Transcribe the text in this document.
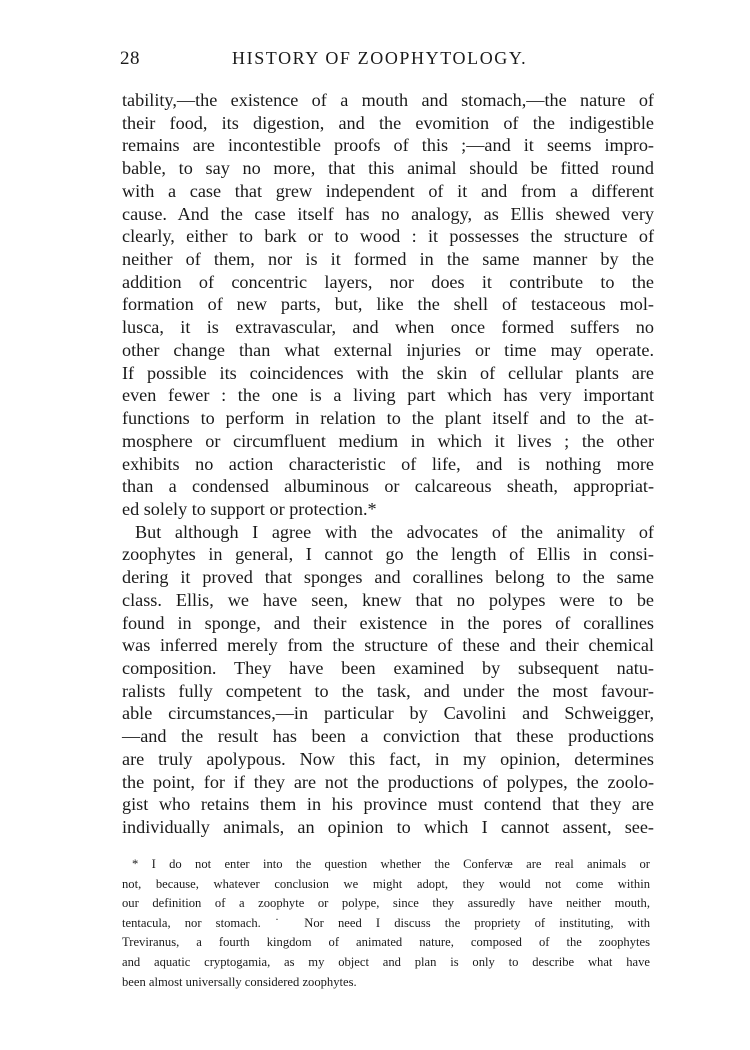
28	HISTORY OF ZOOPHYTOLOGY.
tability,—the existence of a mouth and stomach,—the nature of
their food, its digestion, and the evomition of the indigestible
remains are incontestible proofs of this ;—and it seems impro-
bable, to say no more, that this animal should be fitted round
with a case that grew independent of it and from a different
cause. And the case itself has no analogy, as Ellis shewed very
clearly, either to bark or to wood : it possesses the structure of
neither of them, nor is it formed in the same manner by the
addition of concentric layers, nor does it contribute to the
formation of new parts, but, like the shell of testaceous mol-
lusca, it is extravascular, and when once formed suffers no
other change than what external injuries or time may operate.
If possible its coincidences with the skin of cellular plants are
even fewer : the one is a living part which has very important
functions to perform in relation to the plant itself and to the at-
mosphere or circumfluent medium in which it lives ; the other
exhibits no action characteristic of life, and is nothing more
than a condensed albuminous or calcareous sheath, appropriat-
ed solely to support or protection.*
But although I agree with the advocates of the animality of
zoophytes in general, I cannot go the length of Ellis in consi-
dering it proved that sponges and corallines belong to the same
class. Ellis, we have seen, knew that no polypes were to be
found in sponge, and their existence in the pores of corallines
was inferred merely from the structure of these and their chemical
composition. They have been examined by subsequent natu-
ralists fully competent to the task, and under the most favour-
able circumstances,—in particular by Cavolini and Schweigger,
—and the result has been a conviction that these productions
are truly apolypous. Now this fact, in my opinion, determines
the point, for if they are not the productions of polypes, the zoolo-
gist who retains them in his province must contend that they are
individually animals, an opinion to which I cannot assent, see-
* I do not enter into the question whether the Confervæ are real animals or
not, because, whatever conclusion we might adopt, they would not come within
our definition of a zoophyte or polype, since they assuredly have neither mouth,
tentacula, nor stomach. ˙ Nor need I discuss the propriety of instituting, with
Treviranus, a fourth kingdom of animated nature, composed of the zoophytes
and aquatic cryptogamia, as my object and plan is only to describe what have
been almost universally considered zoophytes.
